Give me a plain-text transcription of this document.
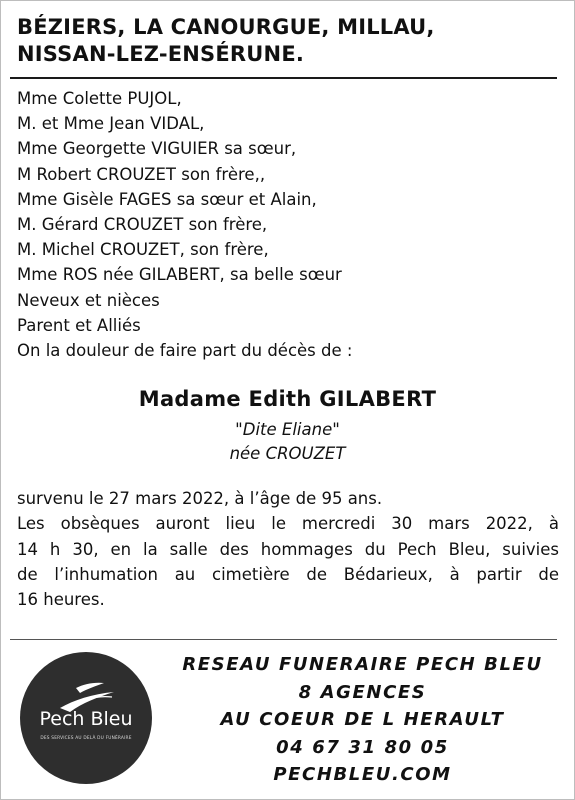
BÉZIERS, LA CANOURGUE, MILLAU,
NISSAN-LEZ-ENSÉRUNE.
Mme Colette PUJOL,
M. et Mme Jean VIDAL,
Mme Georgette VIGUIER sa sœur,
M Robert CROUZET son frère,,
Mme Gisèle FAGES sa sœur et Alain,
M. Gérard CROUZET son frère,
M. Michel CROUZET, son frère,
Mme ROS née GILABERT, sa belle sœur
Neveux et nièces
Parent et Alliés
On la douleur de faire part du décès de :
Madame Edith GILABERT
"Dite Eliane"
née CROUZET
survenu le 27 mars 2022, à l’âge de 95 ans.
Les obsèques auront lieu le mercredi 30 mars 2022, à
14 h 30, en la salle des hommages du Pech Bleu, suivies
de l’inhumation au cimetière de Bédarieux, à partir de
16 heures.
Pech Bleu
DES SERVICES AU DELÀ DU FUNÉRAIRE
RESEAU FUNERAIRE PECH BLEU
8 AGENCES
AU COEUR DE L HERAULT
04 67 31 80 05
PECHBLEU.COM
